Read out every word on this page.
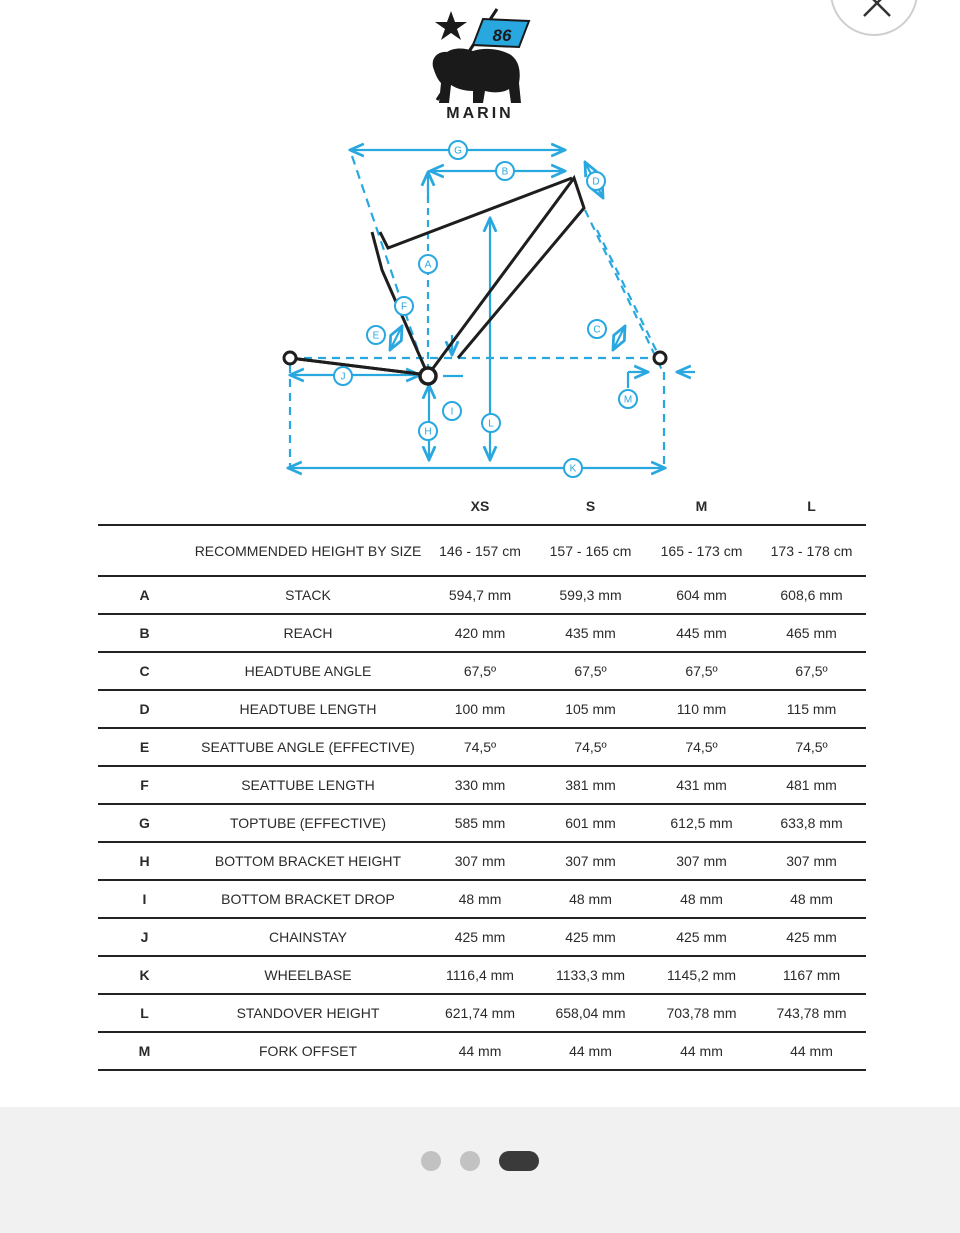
86
MARIN
G
B
D
A
F
E
C
J
I
H
L
M
K
		XS	S	M	L
	RECOMMENDED HEIGHT BY SIZE	146 - 157 cm	157 - 165 cm	165 - 173 cm	173 - 178 cm
A	STACK	594,7 mm	599,3 mm	604 mm	608,6 mm
B	REACH	420 mm	435 mm	445 mm	465 mm
C	HEADTUBE ANGLE	67,5º	67,5º	67,5º	67,5º
D	HEADTUBE LENGTH	100 mm	105 mm	110 mm	115 mm
E	SEATTUBE ANGLE (EFFECTIVE)	74,5º	74,5º	74,5º	74,5º
F	SEATTUBE LENGTH	330 mm	381 mm	431 mm	481 mm
G	TOPTUBE (EFFECTIVE)	585 mm	601 mm	612,5 mm	633,8 mm
H	BOTTOM BRACKET HEIGHT	307 mm	307 mm	307 mm	307 mm
I	BOTTOM BRACKET DROP	48 mm	48 mm	48 mm	48 mm
J	CHAINSTAY	425 mm	425 mm	425 mm	425 mm
K	WHEELBASE	1116,4 mm	1133,3 mm	1145,2 mm	1167 mm
L	STANDOVER HEIGHT	621,74 mm	658,04 mm	703,78 mm	743,78 mm
M	FORK OFFSET	44 mm	44 mm	44 mm	44 mm
